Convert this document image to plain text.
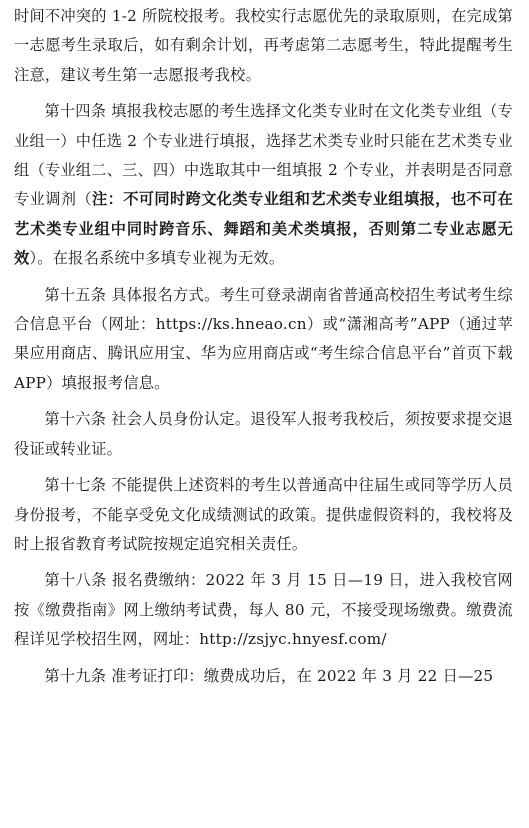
时间不冲突的 1-2 所院校报考。我校实行志愿优先的录取原则，在完成第一志愿考生录取后，如有剩余计划，再考虑第二志愿考生，特此提醒考生注意，建议考生第一志愿报考我校。

第十四条 填报我校志愿的考生选择文化类专业时在文化类专业组（专业组一）中任选 2 个专业进行填报，选择艺术类专业时只能在艺术类专业组（专业组二、三、四）中选取其中一组填报 2 个专业，并表明是否同意专业调剂（注：不可同时跨文化类专业组和艺术类专业组填报，也不可在艺术类专业组中同时跨音乐、舞蹈和美术类填报，否则第二专业志愿无效）。在报名系统中多填专业视为无效。

第十五条 具体报名方式。考生可登录湖南省普通高校招生考试考生综合信息平台（网址：https://ks.hneao.cn）或“潇湘高考”APP（通过苹果应用商店、腾讯应用宝、华为应用商店或“考生综合信息平台”首页下载 APP）填报报考信息。

第十六条 社会人员身份认定。退役军人报考我校后，须按要求提交退役证或转业证。

第十七条 不能提供上述资料的考生以普通高中往届生或同等学历人员身份报考，不能享受免文化成绩测试的政策。提供虚假资料的，我校将及时上报省教育考试院按规定追究相关责任。

第十八条 报名费缴纳：2022 年 3 月 15 日—19 日，进入我校官网按《缴费指南》网上缴纳考试费，每人 80 元，不接受现场缴费。缴费流程详见学校招生网，网址：http://zsjyc.hnyesf.com/

第十九条 准考证打印：缴费成功后，在 2022 年 3 月 22 日—25
